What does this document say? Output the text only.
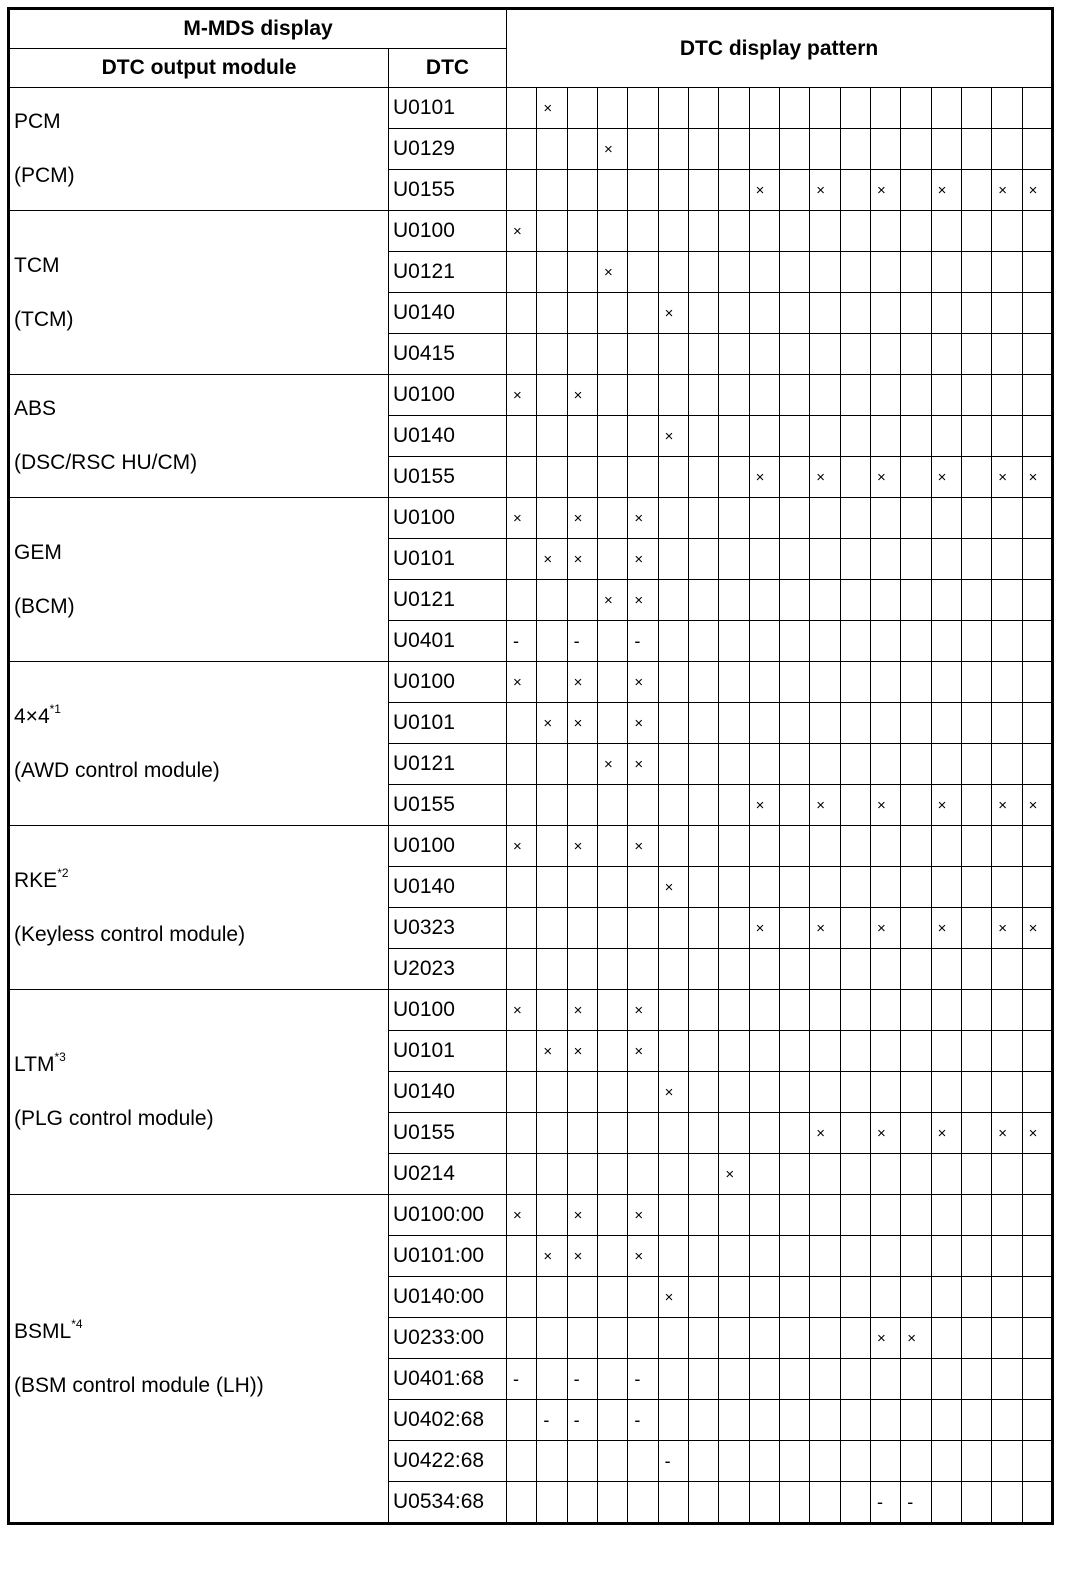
M-MDS display		DTC display pattern																	
DTC output module	DTC																		

PCM
(PCM)	U0101		×																
	U0129				×														
	U0155									×		×		×		×		×	×

TCM
(TCM)	U0100	×																	
	U0121				×														
	U0140						×												
	U0415																		

ABS
(DSC/RSC HU/CM)	U0100	×		×															
	U0140						×												
	U0155									×		×		×		×		×	×

GEM
(BCM)	U0100	×		×		×													
	U0101		×	×		×													
	U0121				×	×													
	U0401	-		-		-													

$4\times 4^{*1}$
(AWD control module)	U0100	×		×		×													
	U0101		×	×		×													
	U0121				×	×													
	U0155									×		×		×		×		×	×

RKE$^{*2}$
(Keyless control module)	U0100	×		×		×													
	U0140						×												
	U0323									×		×		×		×		×	×
	U2023																		

LTM$^{*3}$
(PLG control module)	U0100	×		×		×													
	U0101		×	×		×													
	U0140						×												
	U0155											×		×		×		×	×
	U0214								×										

BSML$^{*4}$
(BSM control module (LH))	U0100:00	×		×		×													
	U0101:00		×	×		×													
	U0140:00						×												
	U0233:00													×	×				
	U0401:68	-		-		-													
	U0402:68		-	-		-													
	U0422:68						-												
	U0534:68													-	-				
